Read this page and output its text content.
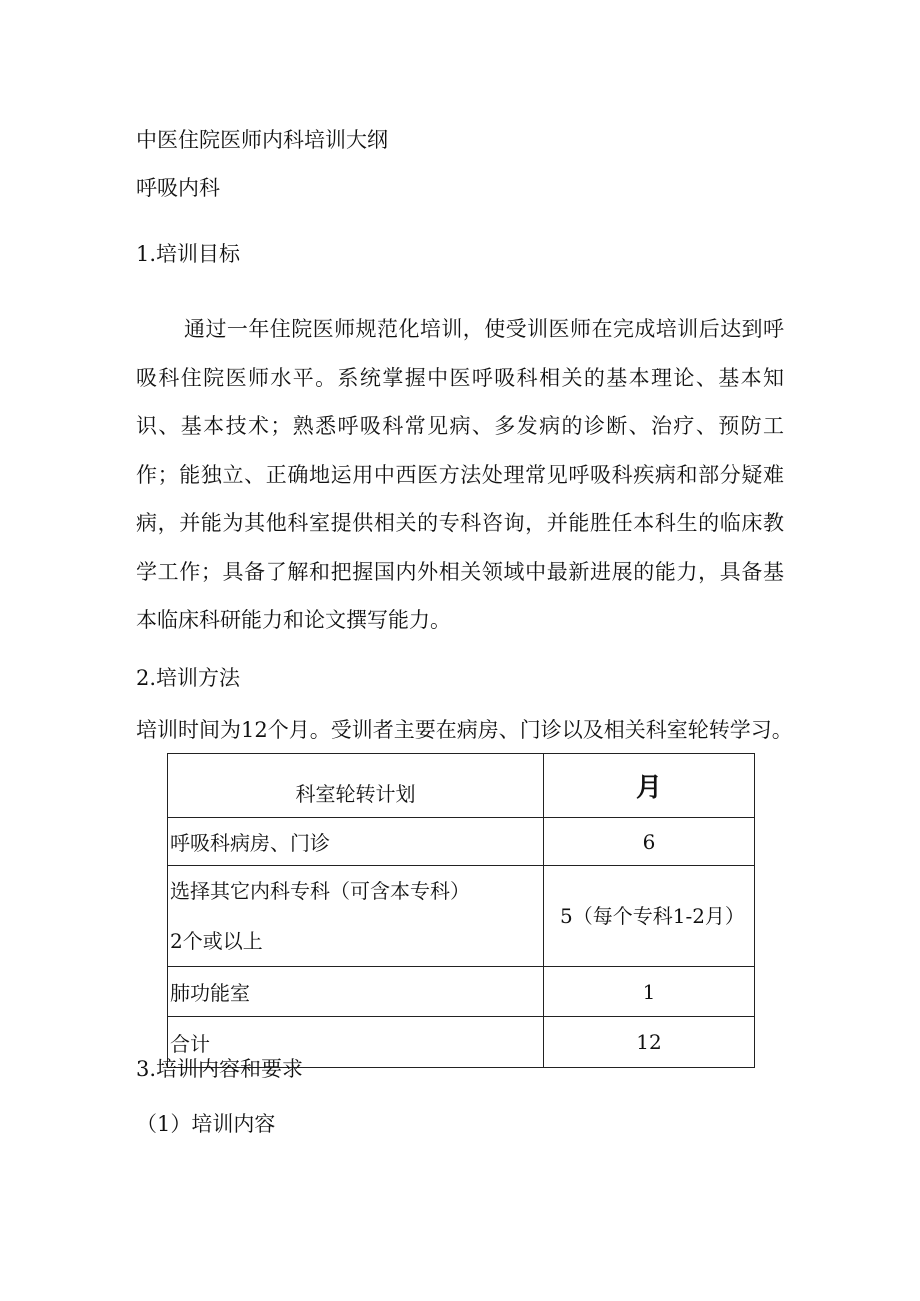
中医住院医师内科培训大纲
呼吸内科
1.培训目标

通过一年住院医师规范化培训，使受训医师在完成培训后达到呼吸科住院医师水平。系统掌握中医呼吸科相关的基本理论、基本知识、基本技术；熟悉呼吸科常见病、多发病的诊断、治疗、预防工作；能独立、正确地运用中西医方法处理常见呼吸科疾病和部分疑难病，并能为其他科室提供相关的专科咨询，并能胜任本科生的临床教学工作；具备了解和把握国内外相关领域中最新进展的能力，具备基本临床科研能力和论文撰写能力。

2.培训方法
培训时间为12个月。受训者主要在病房、门诊以及相关科室轮转学习。
科室轮转计划	月
呼吸科病房、门诊	6

选择其它内科专科（可含本专科）
2个或以上	5（每个专科1-2月）

肺功能室	1
合计	12
3.培训内容和要求
（1）培训内容
